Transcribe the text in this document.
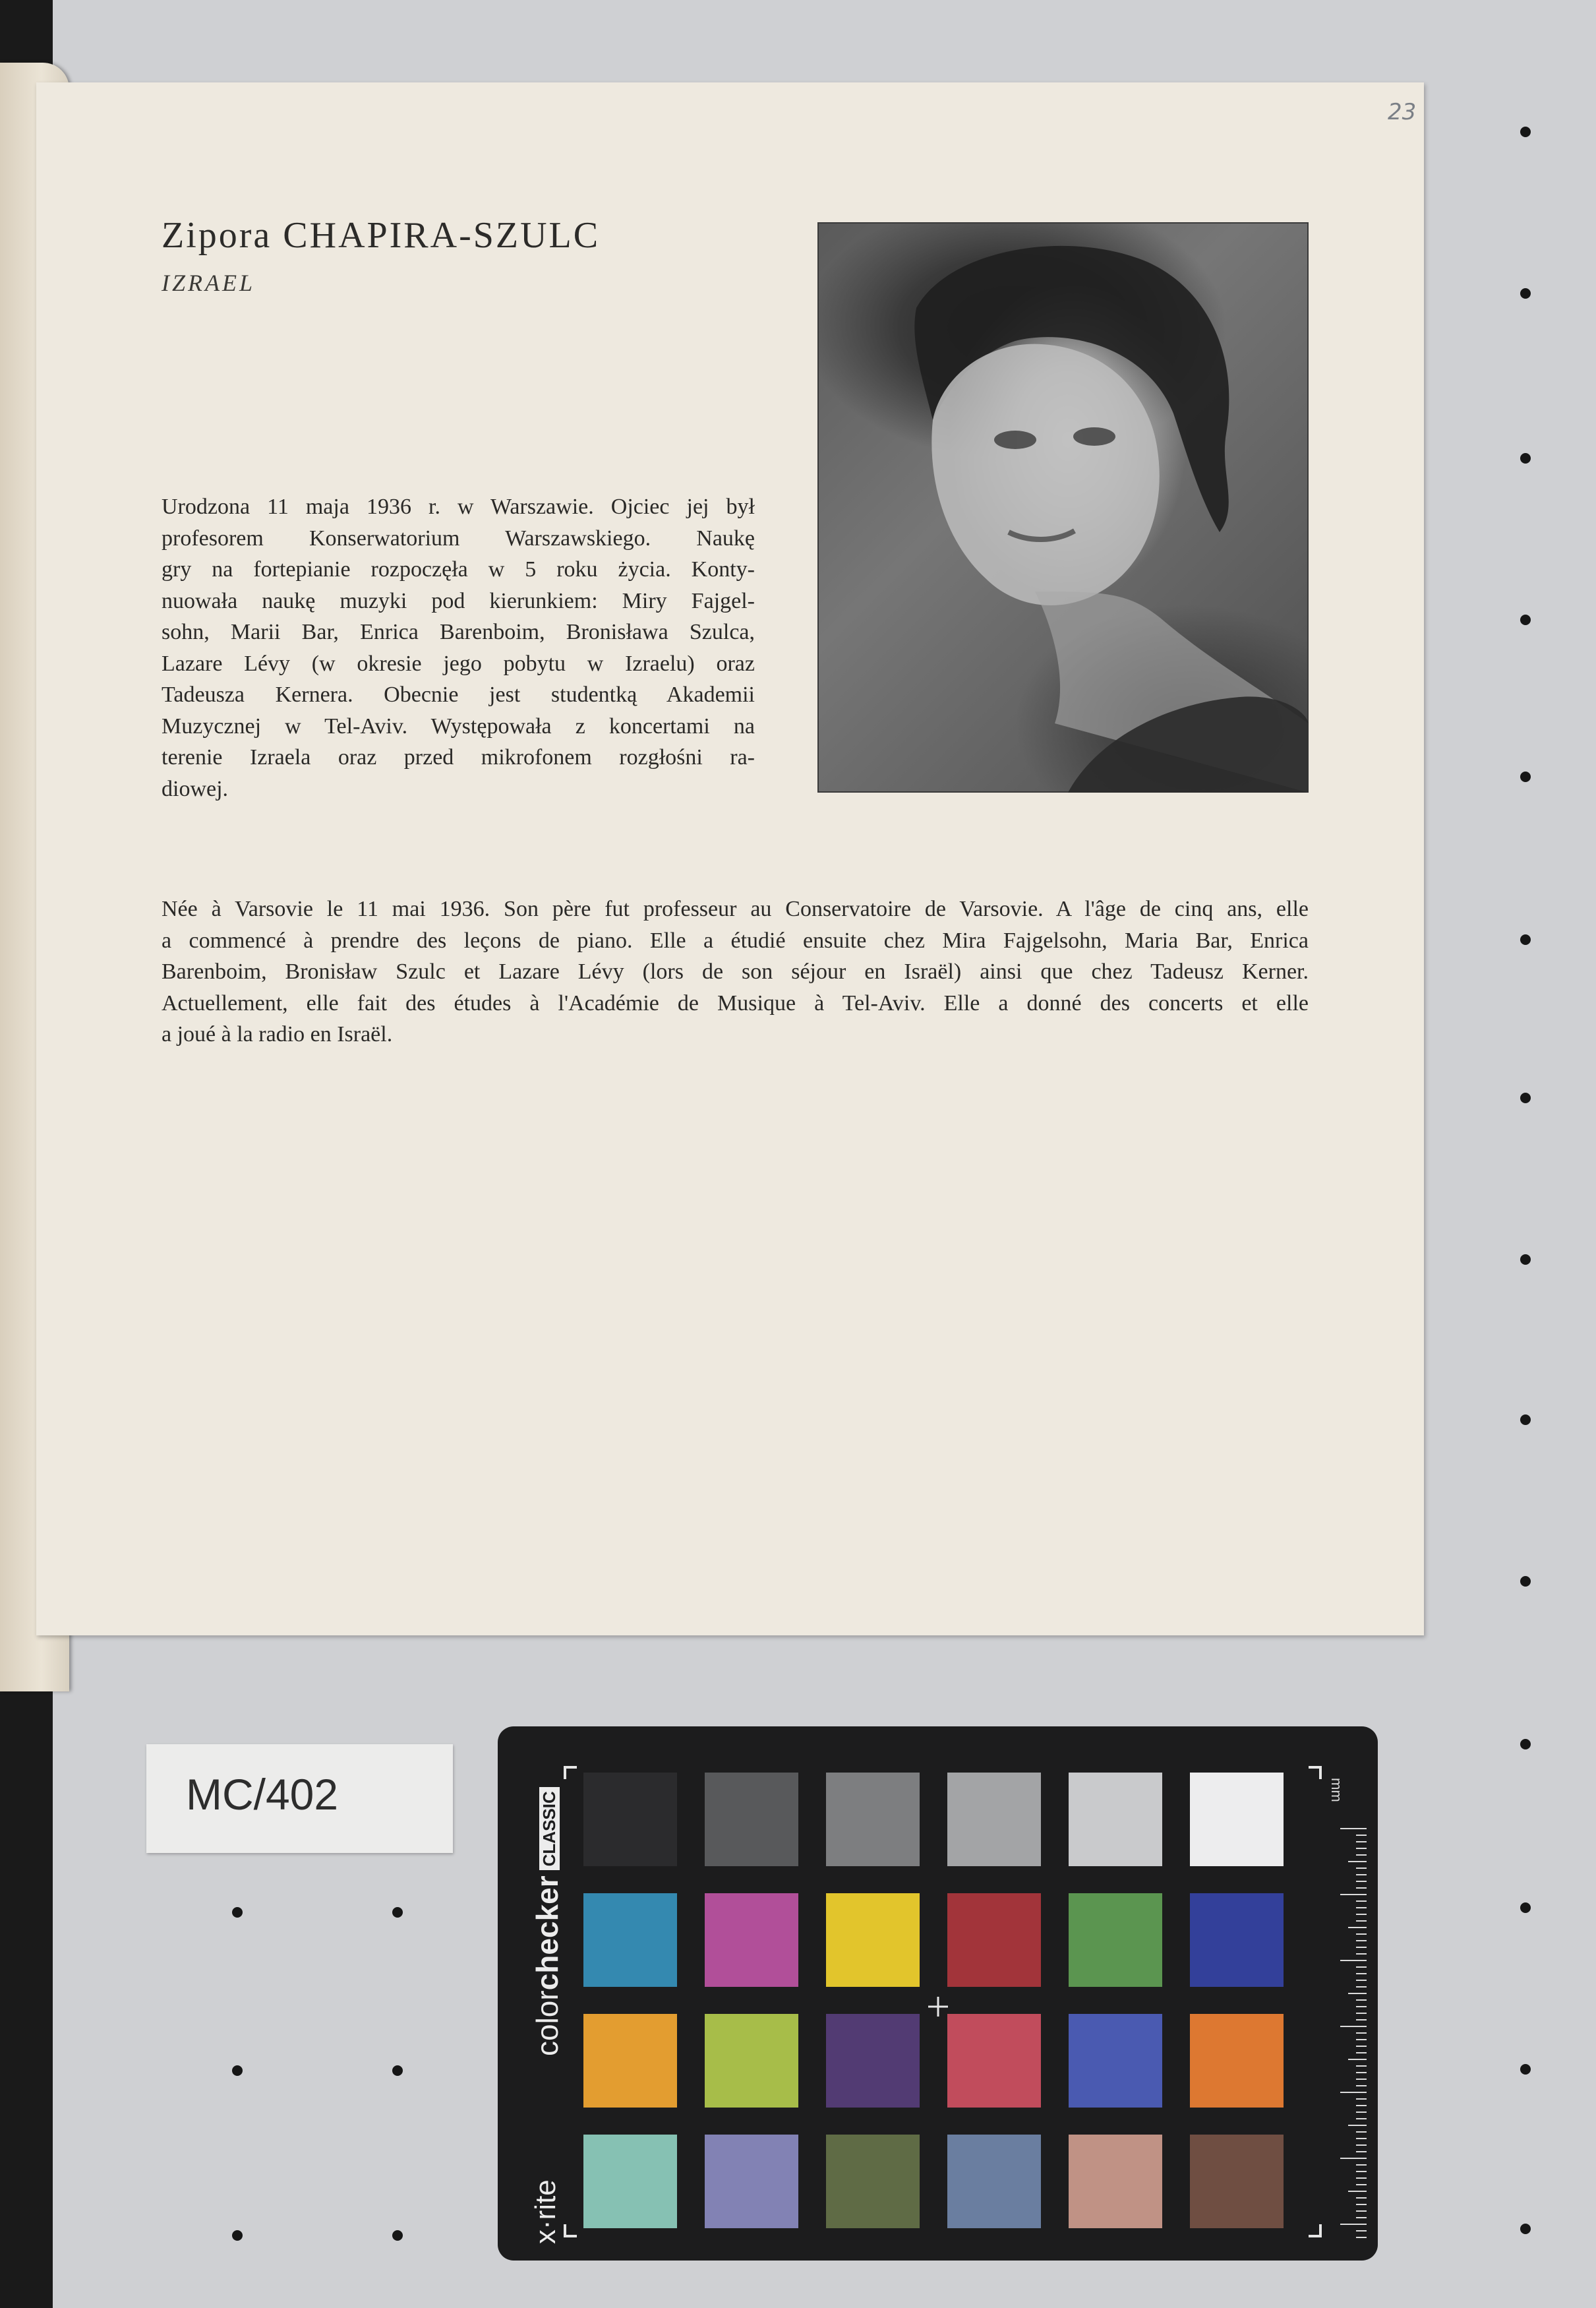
23
Zipora CHAPIRA-SZULC
IZRAEL
Urodzona 11 maja 1936 r. w Warszawie. Ojciec jej był
profesorem Konserwatorium Warszawskiego. Naukę
gry na fortepianie rozpoczęła w 5 roku życia. Konty-
nuowała naukę muzyki pod kierunkiem: Miry Fajgel-
sohn, Marii Bar, Enrica Barenboim, Bronisława Szulca,
Lazare Lévy (w okresie jego pobytu w Izraelu) oraz
Tadeusza Kernera. Obecnie jest studentką Akademii
Muzycznej w Tel-Aviv. Występowała z koncertami na
terenie Izraela oraz przed mikrofonem rozgłośni ra-
diowej.
Née à Varsovie le 11 mai 1936. Son père fut professeur au Conservatoire de Varsovie. A l'âge de cinq ans, elle
a commencé à prendre des leçons de piano. Elle a étudié ensuite chez Mira Fajgelsohn, Maria Bar, Enrica
Barenboim, Bronisław Szulc et Lazare Lévy (lors de son séjour en Israël) ainsi que chez Tadeusz Kerner.
Actuellement, elle fait des études à l'Académie de Musique à Tel-Aviv. Elle a donné des concerts et elle
a joué à la radio en Israël.
MC/402
colorcheckerCLASSIC
x·rite
mm
